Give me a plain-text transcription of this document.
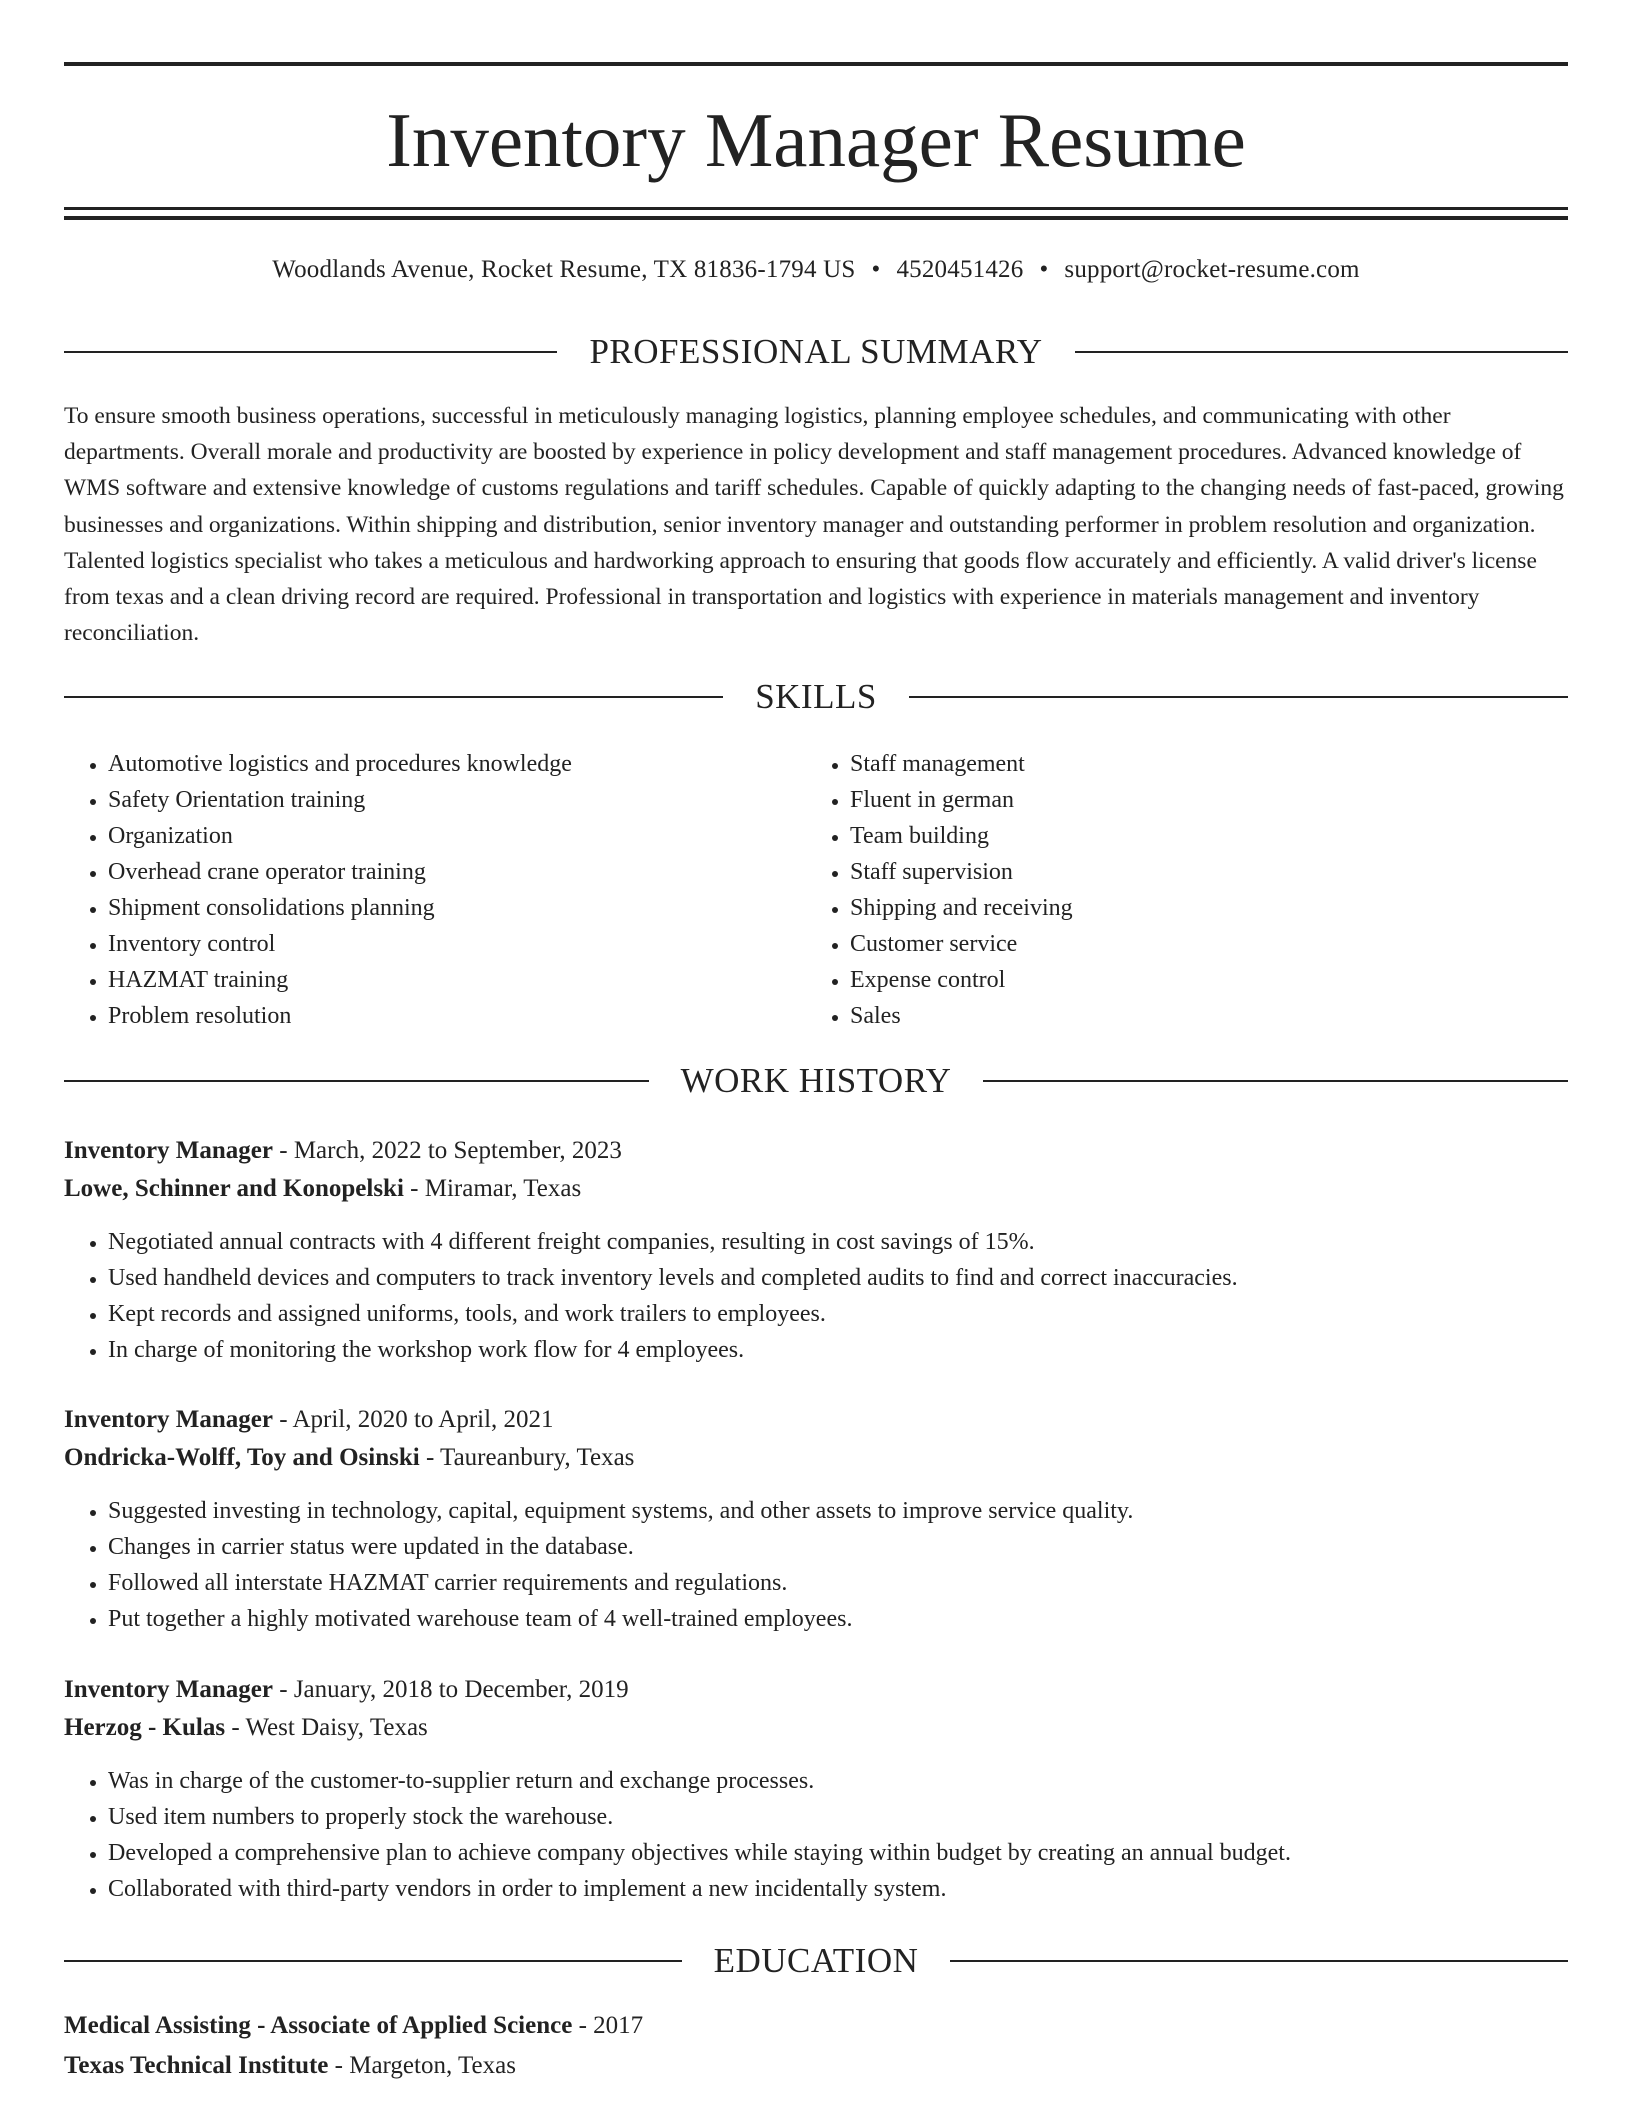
Inventory Manager Resume
Woodlands Avenue, Rocket Resume, TX 81836-1794 US • 4520451426 • support@rocket-resume.com
PROFESSIONAL SUMMARY

To ensure smooth business operations, successful in meticulously managing logistics, planning employee schedules, and communicating with other departments. Overall morale and productivity are boosted by experience in policy development and staff management procedures. Advanced knowledge of WMS software and extensive knowledge of customs regulations and tariff schedules. Capable of quickly adapting to the changing needs of fast-paced, growing businesses and organizations. Within shipping and distribution, senior inventory manager and outstanding performer in problem resolution and organization. Talented logistics specialist who takes a meticulous and hardworking approach to ensuring that goods flow accurately and efficiently. A valid driver's license from texas and a clean driving record are required. Professional in transportation and logistics with experience in materials management and inventory reconciliation.

SKILLS
• Automotive logistics and procedures knowledge
• Safety Orientation training
• Organization
• Overhead crane operator training
• Shipment consolidations planning
• Inventory control
• HAZMAT training
• Problem resolution
• Staff management
• Fluent in german
• Team building
• Staff supervision
• Shipping and receiving
• Customer service
• Expense control
• Sales
WORK HISTORY
Inventory Manager - March, 2022 to September, 2023
Lowe, Schinner and Konopelski - Miramar, Texas
• Negotiated annual contracts with 4 different freight companies, resulting in cost savings of 15%.
• Used handheld devices and computers to track inventory levels and completed audits to find and correct inaccuracies.
• Kept records and assigned uniforms, tools, and work trailers to employees.
• In charge of monitoring the workshop work flow for 4 employees.
Inventory Manager - April, 2020 to April, 2021
Ondricka-Wolff, Toy and Osinski - Taureanbury, Texas
• Suggested investing in technology, capital, equipment systems, and other assets to improve service quality.
• Changes in carrier status were updated in the database.
• Followed all interstate HAZMAT carrier requirements and regulations.
• Put together a highly motivated warehouse team of 4 well-trained employees.
Inventory Manager - January, 2018 to December, 2019
Herzog - Kulas - West Daisy, Texas
• Was in charge of the customer-to-supplier return and exchange processes.
• Used item numbers to properly stock the warehouse.
• Developed a comprehensive plan to achieve company objectives while staying within budget by creating an annual budget.
• Collaborated with third-party vendors in order to implement a new incidentally system.
EDUCATION
Medical Assisting - Associate of Applied Science - 2017
Texas Technical Institute - Margeton, Texas
